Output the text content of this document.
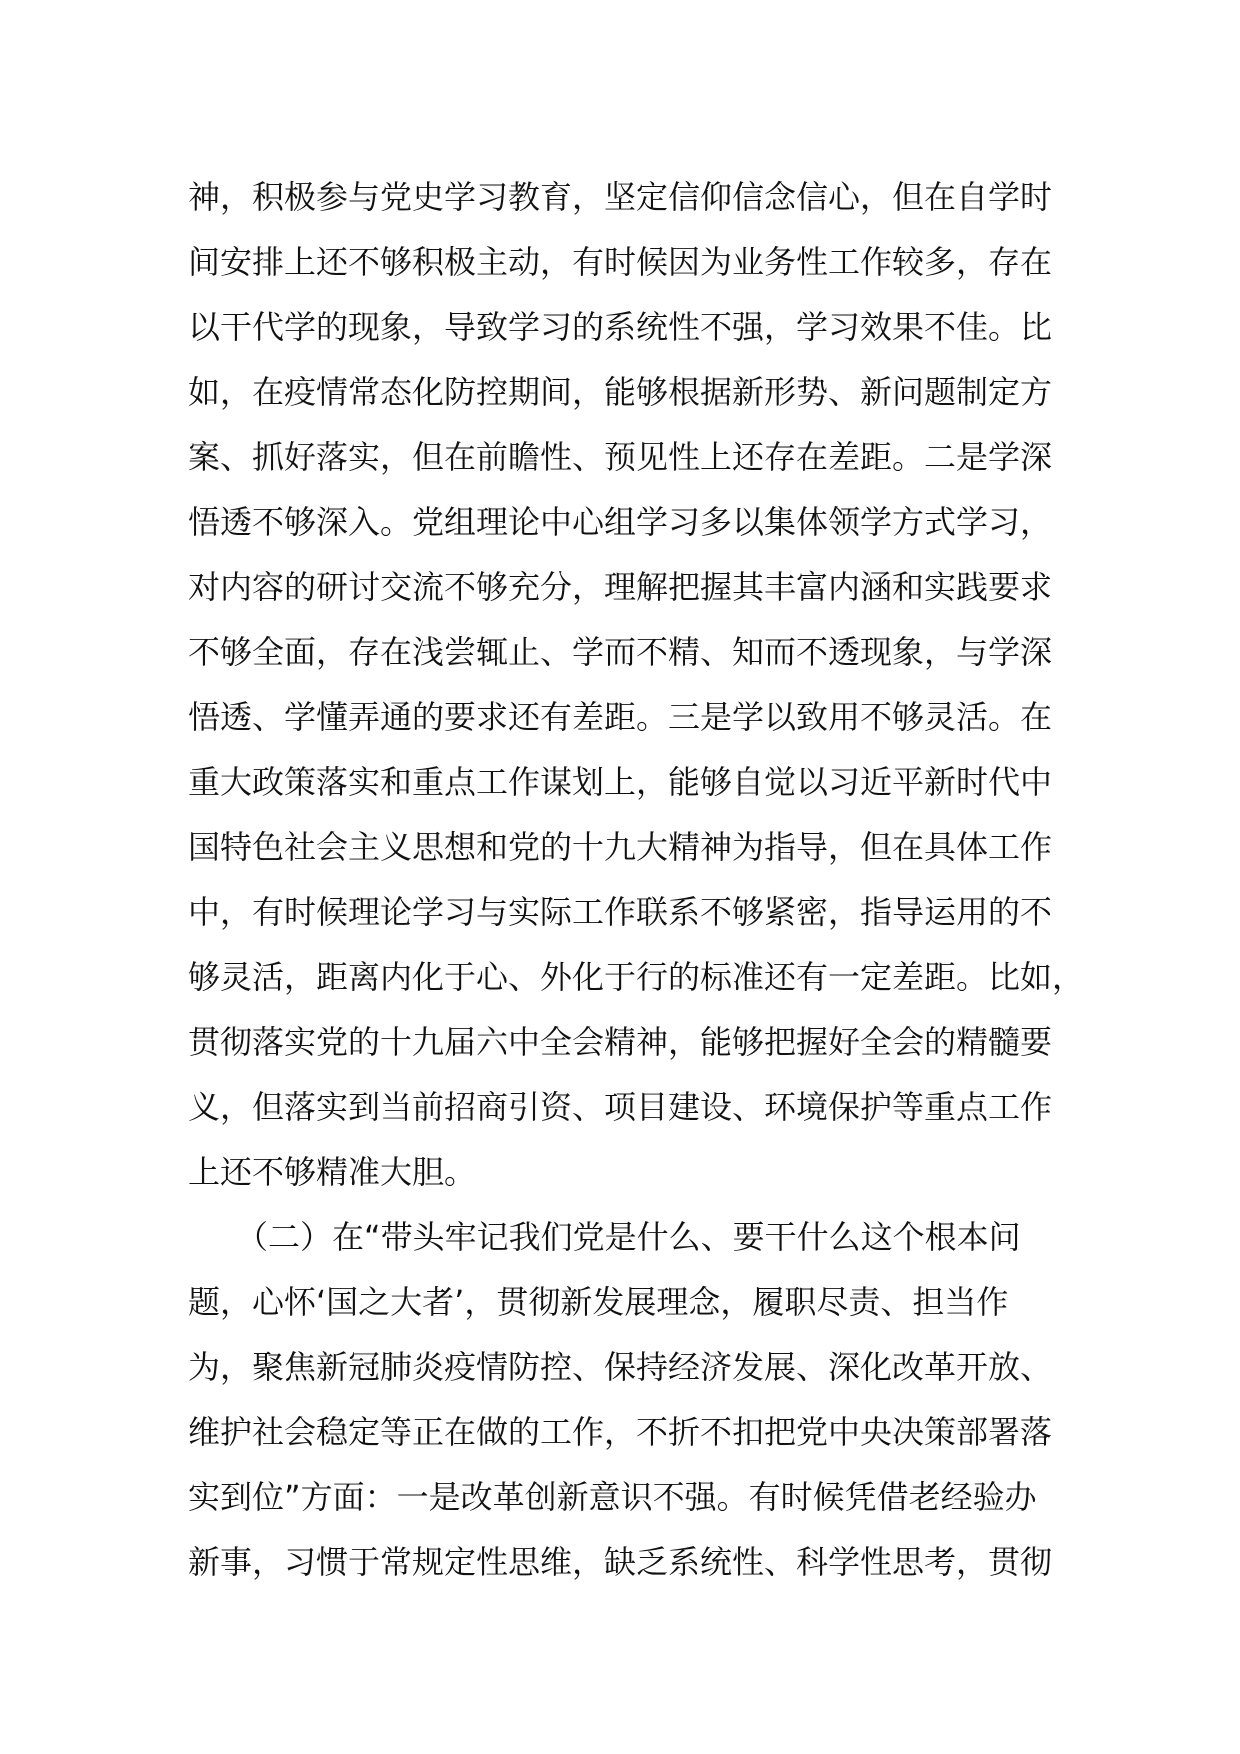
神，积极参与党史学习教育，坚定信仰信念信心，但在自学时
间安排上还不够积极主动，有时候因为业务性工作较多，存在
以干代学的现象，导致学习的系统性不强，学习效果不佳。比
如，在疫情常态化防控期间，能够根据新形势、新问题制定方
案、抓好落实，但在前瞻性、预见性上还存在差距。二是学深
悟透不够深入。党组理论中心组学习多以集体领学方式学习，
对内容的研讨交流不够充分，理解把握其丰富内涵和实践要求
不够全面，存在浅尝辄止、学而不精、知而不透现象，与学深
悟透、学懂弄通的要求还有差距。三是学以致用不够灵活。在
重大政策落实和重点工作谋划上，能够自觉以习近平新时代中
国特色社会主义思想和党的十九大精神为指导，但在具体工作
中，有时候理论学习与实际工作联系不够紧密，指导运用的不
够灵活，距离内化于心、外化于行的标准还有一定差距。比如，
贯彻落实党的十九届六中全会精神，能够把握好全会的精髓要
义，但落实到当前招商引资、项目建设、环境保护等重点工作
上还不够精准大胆。
　　（二）在“带头牢记我们党是什么、要干什么这个根本问
题，心怀‘国之大者’，贯彻新发展理念，履职尽责、担当作
为，聚焦新冠肺炎疫情防控、保持经济发展、深化改革开放、
维护社会稳定等正在做的工作，不折不扣把党中央决策部署落
实到位”方面：一是改革创新意识不强。有时候凭借老经验办
新事，习惯于常规定性思维，缺乏系统性、科学性思考，贯彻
